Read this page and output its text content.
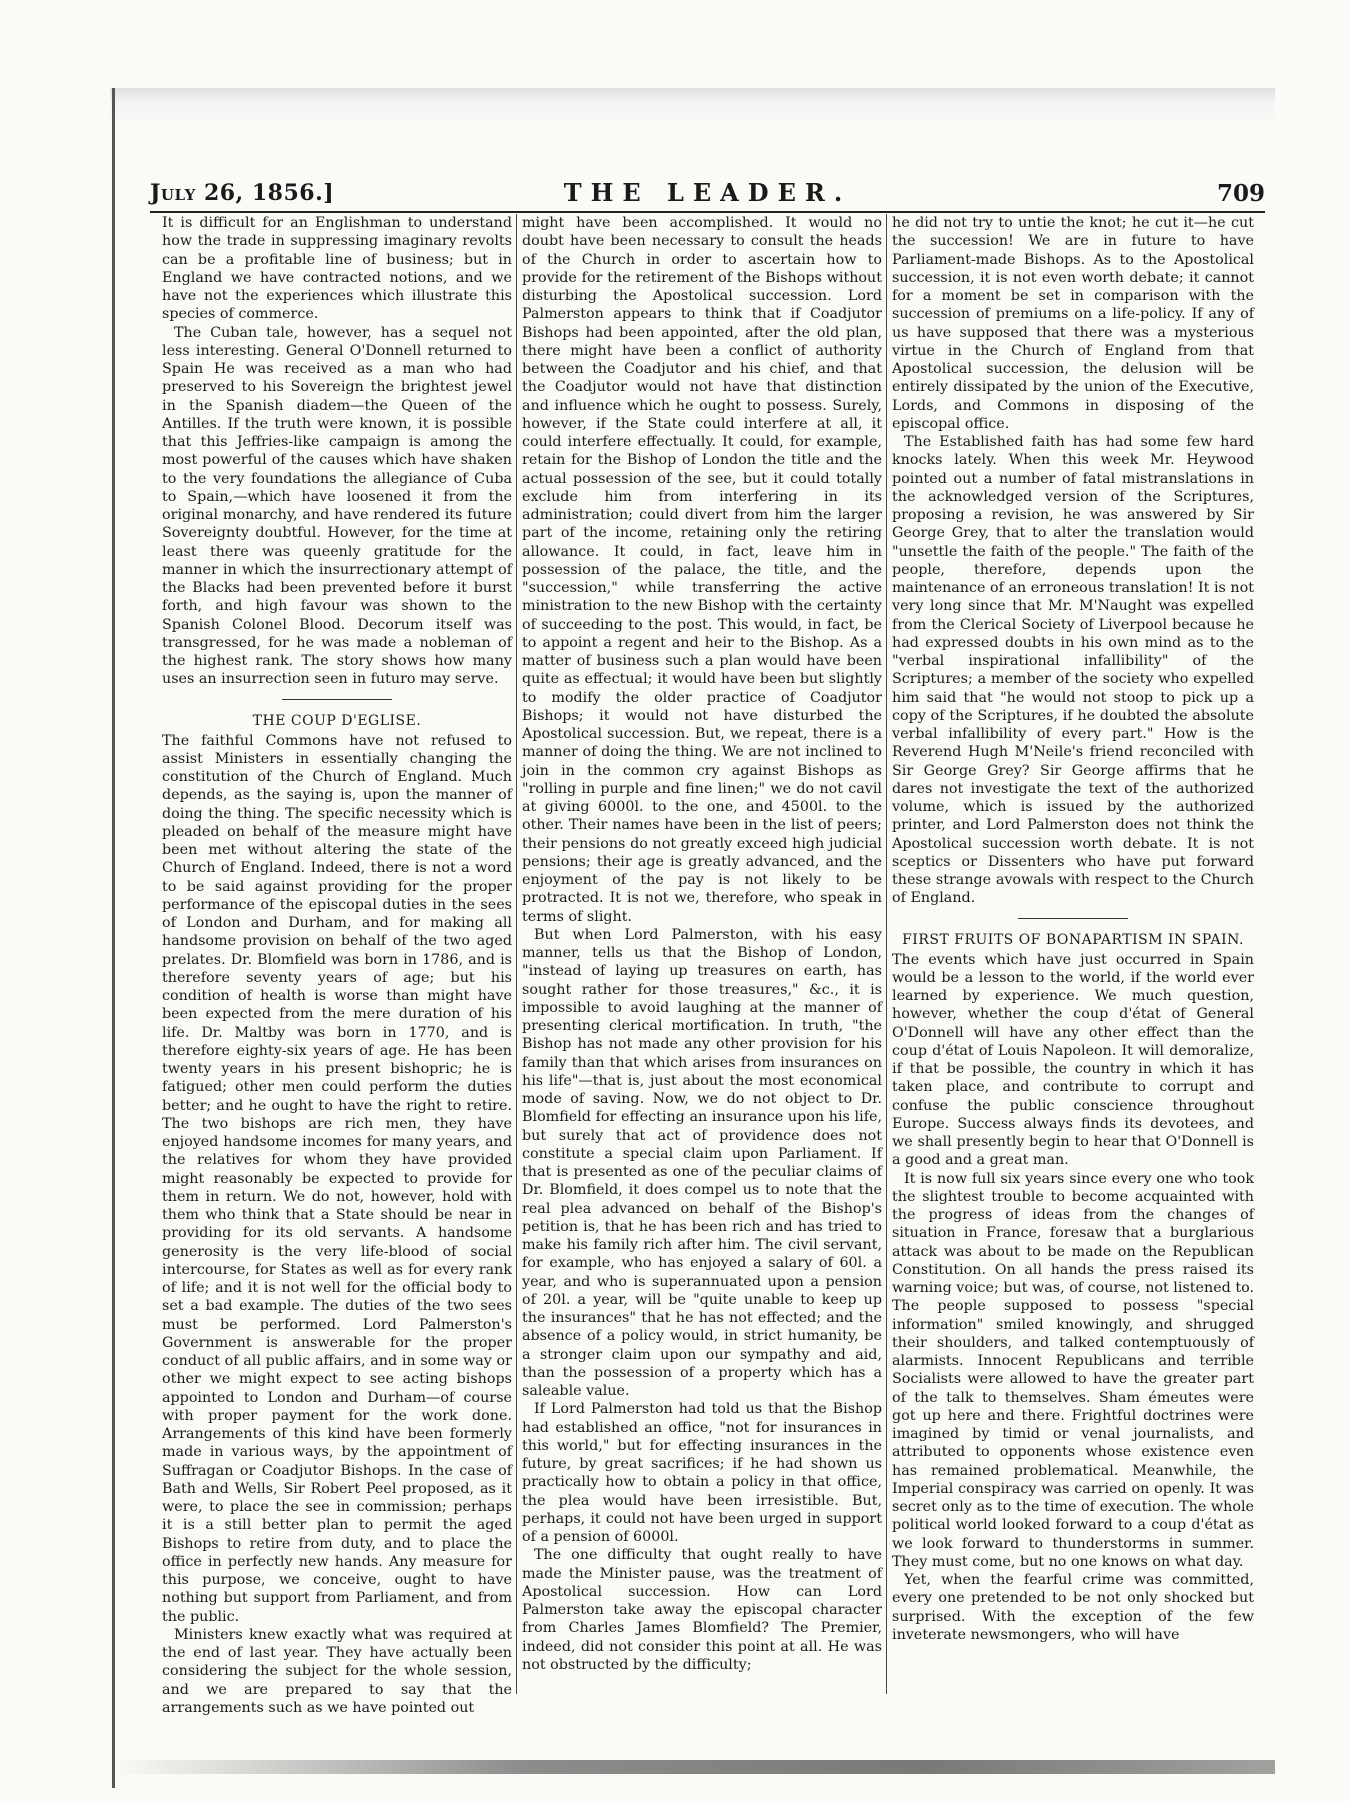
July 26, 1856.]	THE LEADER.	709

It is difficult for an Englishman to understand how the trade in suppressing imaginary revolts can be a profitable line of business; but in England we have contracted notions, and we have not the experiences which illustrate this species of commerce.

The Cuban tale, however, has a sequel not less interesting. General O'Donnell returned to Spain He was received as a man who had preserved to his Sovereign the brightest jewel in the Spanish diadem—the Queen of the Antilles. If the truth were known, it is possible that this Jeffries-like campaign is among the most powerful of the causes which have shaken to the very foundations the allegiance of Cuba to Spain,—which have loosened it from the original monarchy, and have rendered its future Sovereignty doubtful. However, for the time at least there was queenly gratitude for the manner in which the insurrectionary attempt of the Blacks had been prevented before it burst forth, and high favour was shown to the Spanish Colonel Blood. Decorum itself was transgressed, for he was made a nobleman of the highest rank. The story shows how many uses an insurrection seen in futuro may serve.

THE COUP D'EGLISE.

The faithful Commons have not refused to assist Ministers in essentially changing the constitution of the Church of England. Much depends, as the saying is, upon the manner of doing the thing. The specific necessity which is pleaded on behalf of the measure might have been met without altering the state of the Church of England. Indeed, there is not a word to be said against providing for the proper performance of the episcopal duties in the sees of London and Durham, and for making all handsome provision on behalf of the two aged prelates. Dr. Blomfield was born in 1786, and is therefore seventy years of age; but his condition of health is worse than might have been expected from the mere duration of his life. Dr. Maltby was born in 1770, and is therefore eighty-six years of age. He has been twenty years in his present bishopric; he is fatigued; other men could perform the duties better; and he ought to have the right to retire. The two bishops are rich men, they have enjoyed handsome incomes for many years, and the relatives for whom they have provided might reasonably be expected to provide for them in return. We do not, however, hold with them who think that a State should be near in providing for its old servants. A handsome generosity is the very life-blood of social intercourse, for States as well as for every rank of life; and it is not well for the official body to set a bad example. The duties of the two sees must be performed. Lord Palmerston's Government is answerable for the proper conduct of all public affairs, and in some way or other we might expect to see acting bishops appointed to London and Durham—of course with proper payment for the work done. Arrangements of this kind have been formerly made in various ways, by the appointment of Suffragan or Coadjutor Bishops. In the case of Bath and Wells, Sir Robert Peel proposed, as it were, to place the see in commission; perhaps it is a still better plan to permit the aged Bishops to retire from duty, and to place the office in perfectly new hands. Any measure for this purpose, we conceive, ought to have nothing but support from Parliament, and from the public.

Ministers knew exactly what was required at the end of last year. They have actually been considering the subject for the whole session, and we are prepared to say that the arrangements such as we have pointed out

might have been accomplished. It would no doubt have been necessary to consult the heads of the Church in order to ascertain how to provide for the retirement of the Bishops without disturbing the Apostolical succession. Lord Palmerston appears to think that if Coadjutor Bishops had been appointed, after the old plan, there might have been a conflict of authority between the Coadjutor and his chief, and that the Coadjutor would not have that distinction and influence which he ought to possess. Surely, however, if the State could interfere at all, it could interfere effectually. It could, for example, retain for the Bishop of London the title and the actual possession of the see, but it could totally exclude him from interfering in its administration; could divert from him the larger part of the income, retaining only the retiring allowance. It could, in fact, leave him in possession of the palace, the title, and the "succession," while transferring the active ministration to the new Bishop with the certainty of succeeding to the post. This would, in fact, be to appoint a regent and heir to the Bishop. As a matter of business such a plan would have been quite as effectual; it would have been but slightly to modify the older practice of Coadjutor Bishops; it would not have disturbed the Apostolical succession. But, we repeat, there is a manner of doing the thing. We are not inclined to join in the common cry against Bishops as "rolling in purple and fine linen;" we do not cavil at giving 6000l. to the one, and 4500l. to the other. Their names have been in the list of peers; their pensions do not greatly exceed high judicial pensions; their age is greatly advanced, and the enjoyment of the pay is not likely to be protracted. It is not we, therefore, who speak in terms of slight.

But when Lord Palmerston, with his easy manner, tells us that the Bishop of London, "instead of laying up treasures on earth, has sought rather for those treasures," &c., it is impossible to avoid laughing at the manner of presenting clerical mortification. In truth, "the Bishop has not made any other provision for his family than that which arises from insurances on his life"—that is, just about the most economical mode of saving. Now, we do not object to Dr. Blomfield for effecting an insurance upon his life, but surely that act of providence does not constitute a special claim upon Parliament. If that is presented as one of the peculiar claims of Dr. Blomfield, it does compel us to note that the real plea advanced on behalf of the Bishop's petition is, that he has been rich and has tried to make his family rich after him. The civil servant, for example, who has enjoyed a salary of 60l. a year, and who is superannuated upon a pension of 20l. a year, will be "quite unable to keep up the insurances" that he has not effected; and the absence of a policy would, in strict humanity, be a stronger claim upon our sympathy and aid, than the possession of a property which has a saleable value.

If Lord Palmerston had told us that the Bishop had established an office, "not for insurances in this world," but for effecting insurances in the future, by great sacrifices; if he had shown us practically how to obtain a policy in that office, the plea would have been irresistible. But, perhaps, it could not have been urged in support of a pension of 6000l.

The one difficulty that ought really to have made the Minister pause, was the treatment of Apostolical succession. How can Lord Palmerston take away the episcopal character from Charles James Blomfield? The Premier, indeed, did not consider this point at all. He was not obstructed by the difficulty;

he did not try to untie the knot; he cut it—he cut the succession! We are in future to have Parliament-made Bishops. As to the Apostolical succession, it is not even worth debate; it cannot for a moment be set in comparison with the succession of premiums on a life-policy. If any of us have supposed that there was a mysterious virtue in the Church of England from that Apostolical succession, the delusion will be entirely dissipated by the union of the Executive, Lords, and Commons in disposing of the episcopal office.

The Established faith has had some few hard knocks lately. When this week Mr. Heywood pointed out a number of fatal mistranslations in the acknowledged version of the Scriptures, proposing a revision, he was answered by Sir George Grey, that to alter the translation would "unsettle the faith of the people." The faith of the people, therefore, depends upon the maintenance of an erroneous translation! It is not very long since that Mr. M'Naught was expelled from the Clerical Society of Liverpool because he had expressed doubts in his own mind as to the "verbal inspirational infallibility" of the Scriptures; a member of the society who expelled him said that "he would not stoop to pick up a copy of the Scriptures, if he doubted the absolute verbal infallibility of every part." How is the Reverend Hugh M'Neile's friend reconciled with Sir George Grey? Sir George affirms that he dares not investigate the text of the authorized volume, which is issued by the authorized printer, and Lord Palmerston does not think the Apostolical succession worth debate. It is not sceptics or Dissenters who have put forward these strange avowals with respect to the Church of England.

FIRST FRUITS OF BONAPARTISM IN SPAIN.

The events which have just occurred in Spain would be a lesson to the world, if the world ever learned by experience. We much question, however, whether the coup d'état of General O'Donnell will have any other effect than the coup d'état of Louis Napoleon. It will demoralize, if that be possible, the country in which it has taken place, and contribute to corrupt and confuse the public conscience throughout Europe. Success always finds its devotees, and we shall presently begin to hear that O'Donnell is a good and a great man.

It is now full six years since every one who took the slightest trouble to become acquainted with the progress of ideas from the changes of situation in France, foresaw that a burglarious attack was about to be made on the Republican Constitution. On all hands the press raised its warning voice; but was, of course, not listened to. The people supposed to possess "special information" smiled knowingly, and shrugged their shoulders, and talked contemptuously of alarmists. Innocent Republicans and terrible Socialists were allowed to have the greater part of the talk to themselves. Sham émeutes were got up here and there. Frightful doctrines were imagined by timid or venal journalists, and attributed to opponents whose existence even has remained problematical. Meanwhile, the Imperial conspiracy was carried on openly. It was secret only as to the time of execution. The whole political world looked forward to a coup d'état as we look forward to thunderstorms in summer. They must come, but no one knows on what day.

Yet, when the fearful crime was committed, every one pretended to be not only shocked but surprised. With the exception of the few inveterate newsmongers, who will have
